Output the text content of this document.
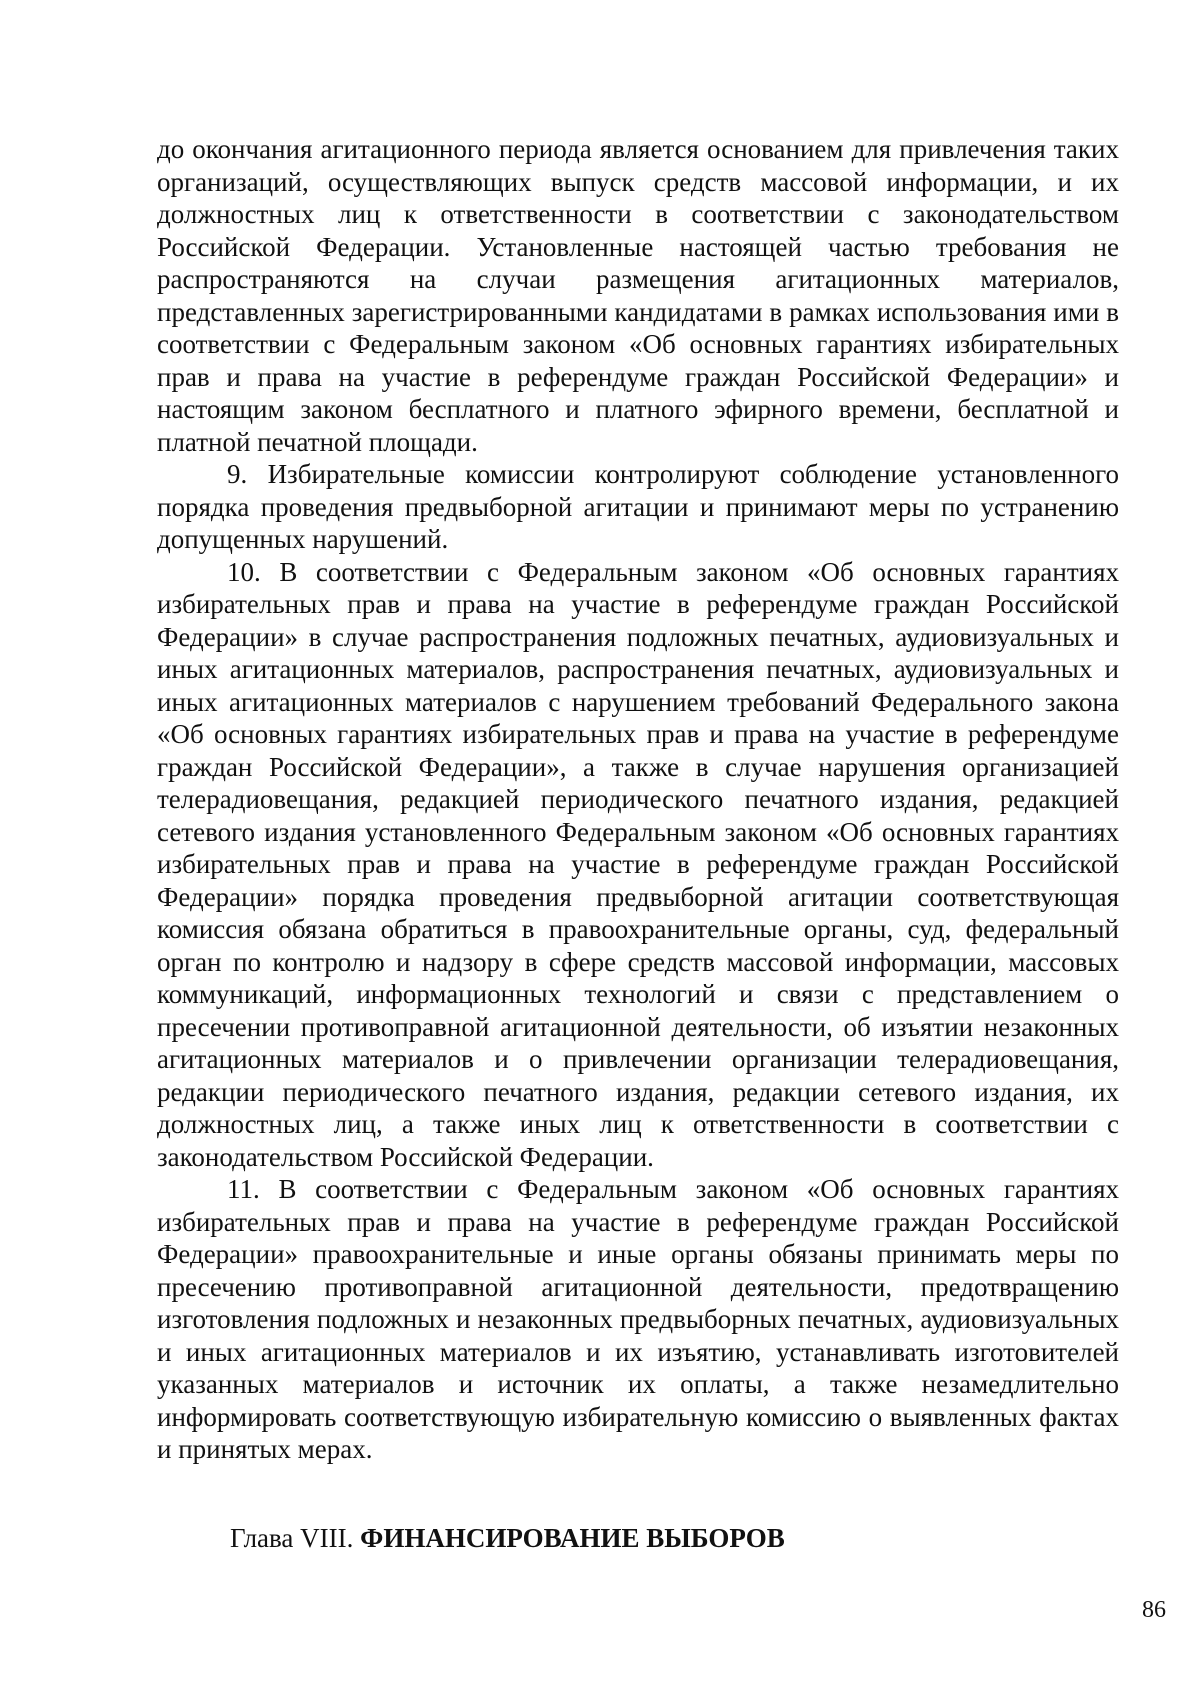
до окончания агитационного периода является основанием для привлечения таких организаций, осуществляющих выпуск средств массовой информации, и их должностных лиц к ответственности в соответствии с законодательством Российской Федерации. Установленные настоящей частью требования не распространяются на случаи размещения агитационных материалов, представленных зарегистрированными кандидатами в рамках использования ими в соответствии с Федеральным законом «Об основных гарантиях избирательных прав и права на участие в референдуме граждан Российской Федерации» и настоящим законом бесплатного и платного эфирного времени, бесплатной и платной печатной площади.

9. Избирательные комиссии контролируют соблюдение установленного порядка проведения предвыборной агитации и принимают меры по устранению допущенных нарушений.

10. В соответствии с Федеральным законом «Об основных гарантиях избирательных прав и права на участие в референдуме граждан Российской Федерации» в случае распространения подложных печатных, аудиовизуальных и иных агитационных материалов, распространения печатных, аудиовизуальных и иных агитационных материалов с нарушением требований Федерального закона «Об основных гарантиях избирательных прав и права на участие в референдуме граждан Российской Федерации», а также в случае нарушения организацией телерадиовещания, редакцией периодического печатного издания, редакцией сетевого издания установленного Федеральным законом «Об основных гарантиях избирательных прав и права на участие в референдуме граждан Российской Федерации» порядка проведения предвыборной агитации соответствующая комиссия обязана обратиться в правоохранительные органы, суд, федеральный орган по контролю и надзору в сфере средств массовой информации, массовых коммуникаций, информационных технологий и связи с представлением о пресечении противоправной агитационной деятельности, об изъятии незаконных агитационных материалов и о привлечении организации телерадиовещания, редакции периодического печатного издания, редакции сетевого издания, их должностных лиц, а также иных лиц к ответственности в соответствии с законодательством Российской Федерации.

11. В соответствии с Федеральным законом «Об основных гарантиях избирательных прав и права на участие в референдуме граждан Российской Федерации» правоохранительные и иные органы обязаны принимать меры по пресечению противоправной агитационной деятельности, предотвращению изготовления подложных и незаконных предвыборных печатных, аудиовизуальных и иных агитационных материалов и их изъятию, устанавливать изготовителей указанных материалов и источник их оплаты, а также незамедлительно информировать соответствующую избирательную комиссию о выявленных фактах и принятых мерах.

Глава VIII. ФИНАНСИРОВАНИЕ ВЫБОРОВ
86
